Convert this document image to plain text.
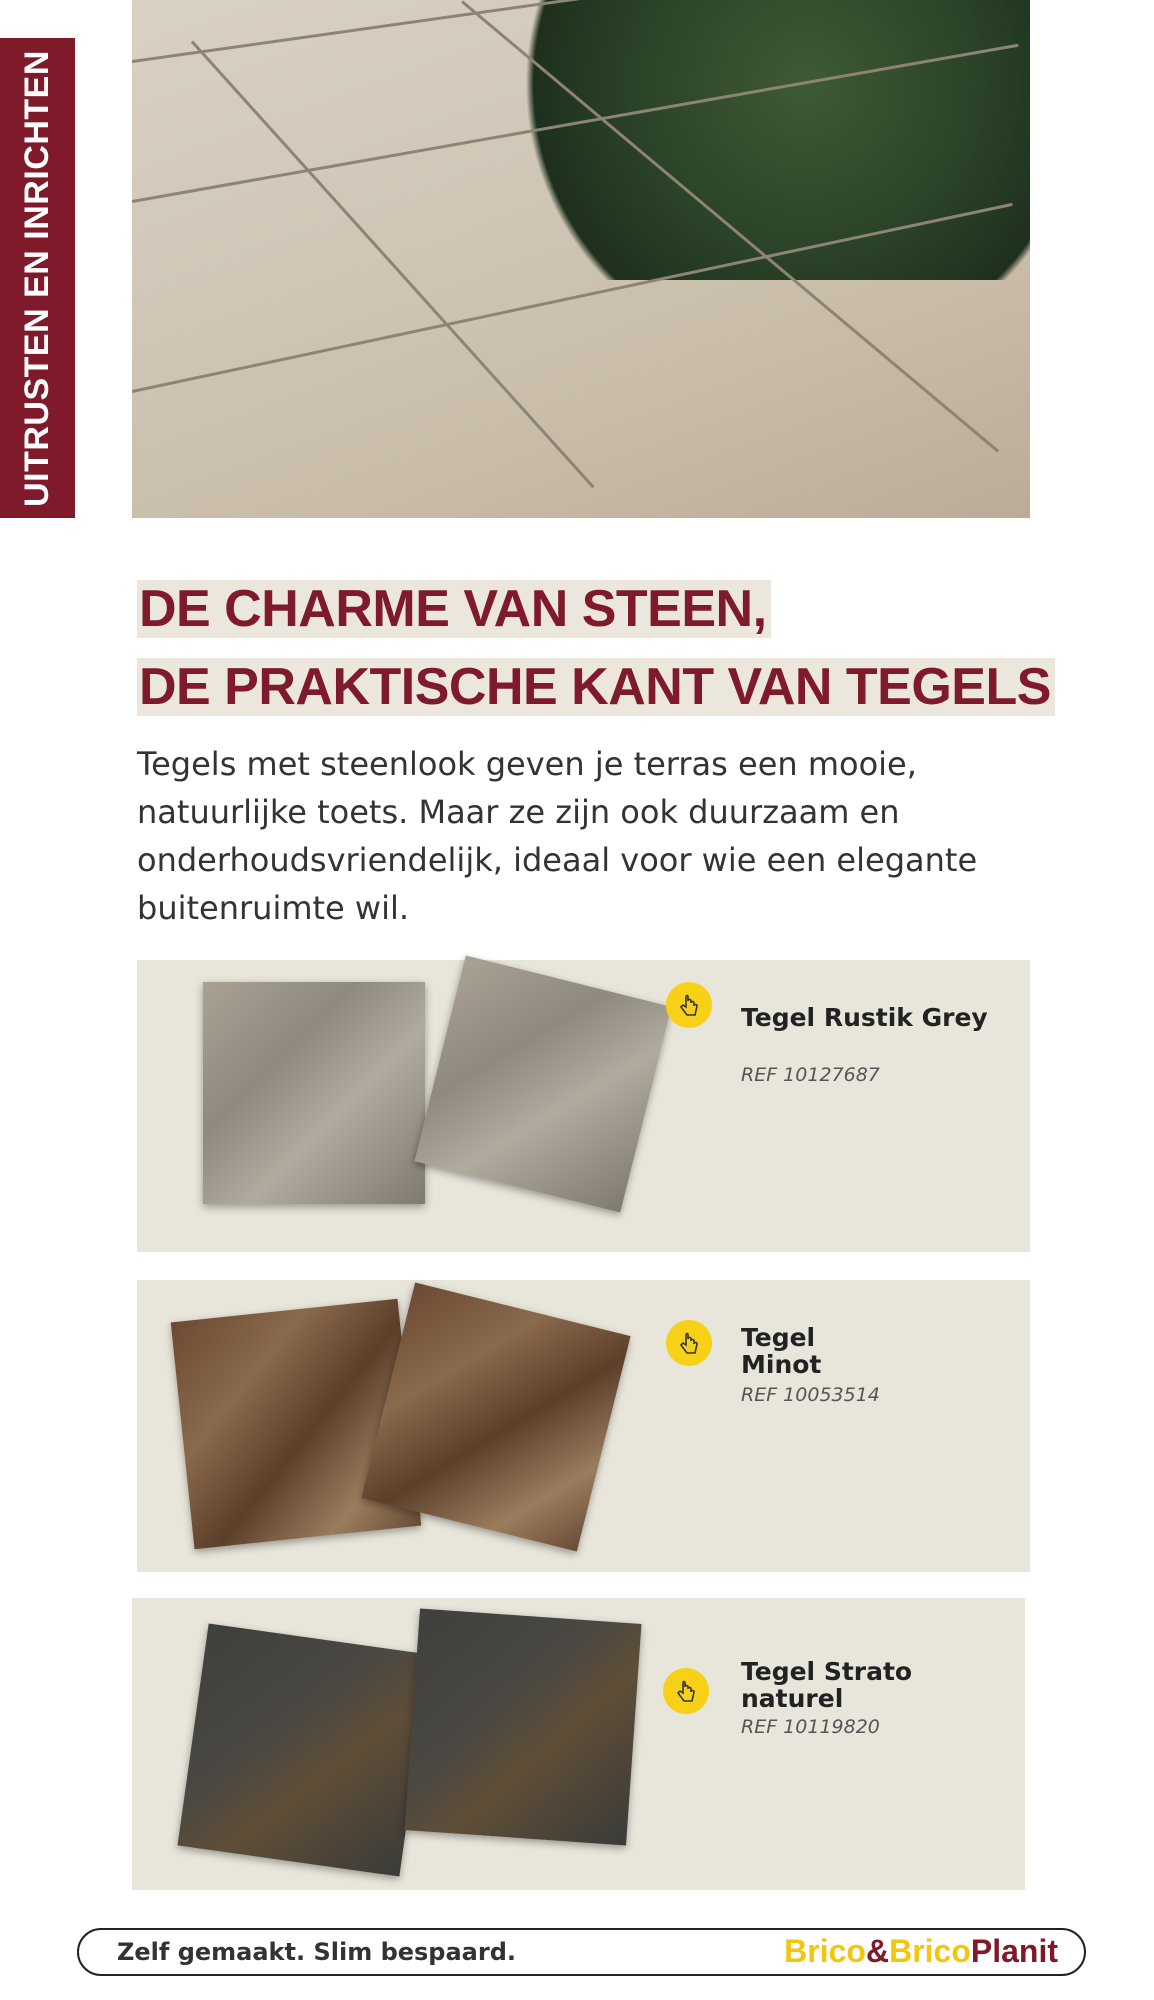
UITRUSTEN EN INRICHTEN
DE CHARME VAN STEEN,
DE PRAKTISCHE KANT VAN TEGELS
Tegels met steenlook geven je terras een mooie, natuurlijke toets. Maar ze zijn ook duurzaam en onderhoudsvriendelijk, ideaal voor wie een elegante buitenruimte wil.
Tegel Rustik Grey
REF 10127687
Tegel Minot
REF 10053514
Tegel Strato naturel
REF 10119820
Zelf gemaakt. Slim bespaard.	Brico&BricoPlanit
